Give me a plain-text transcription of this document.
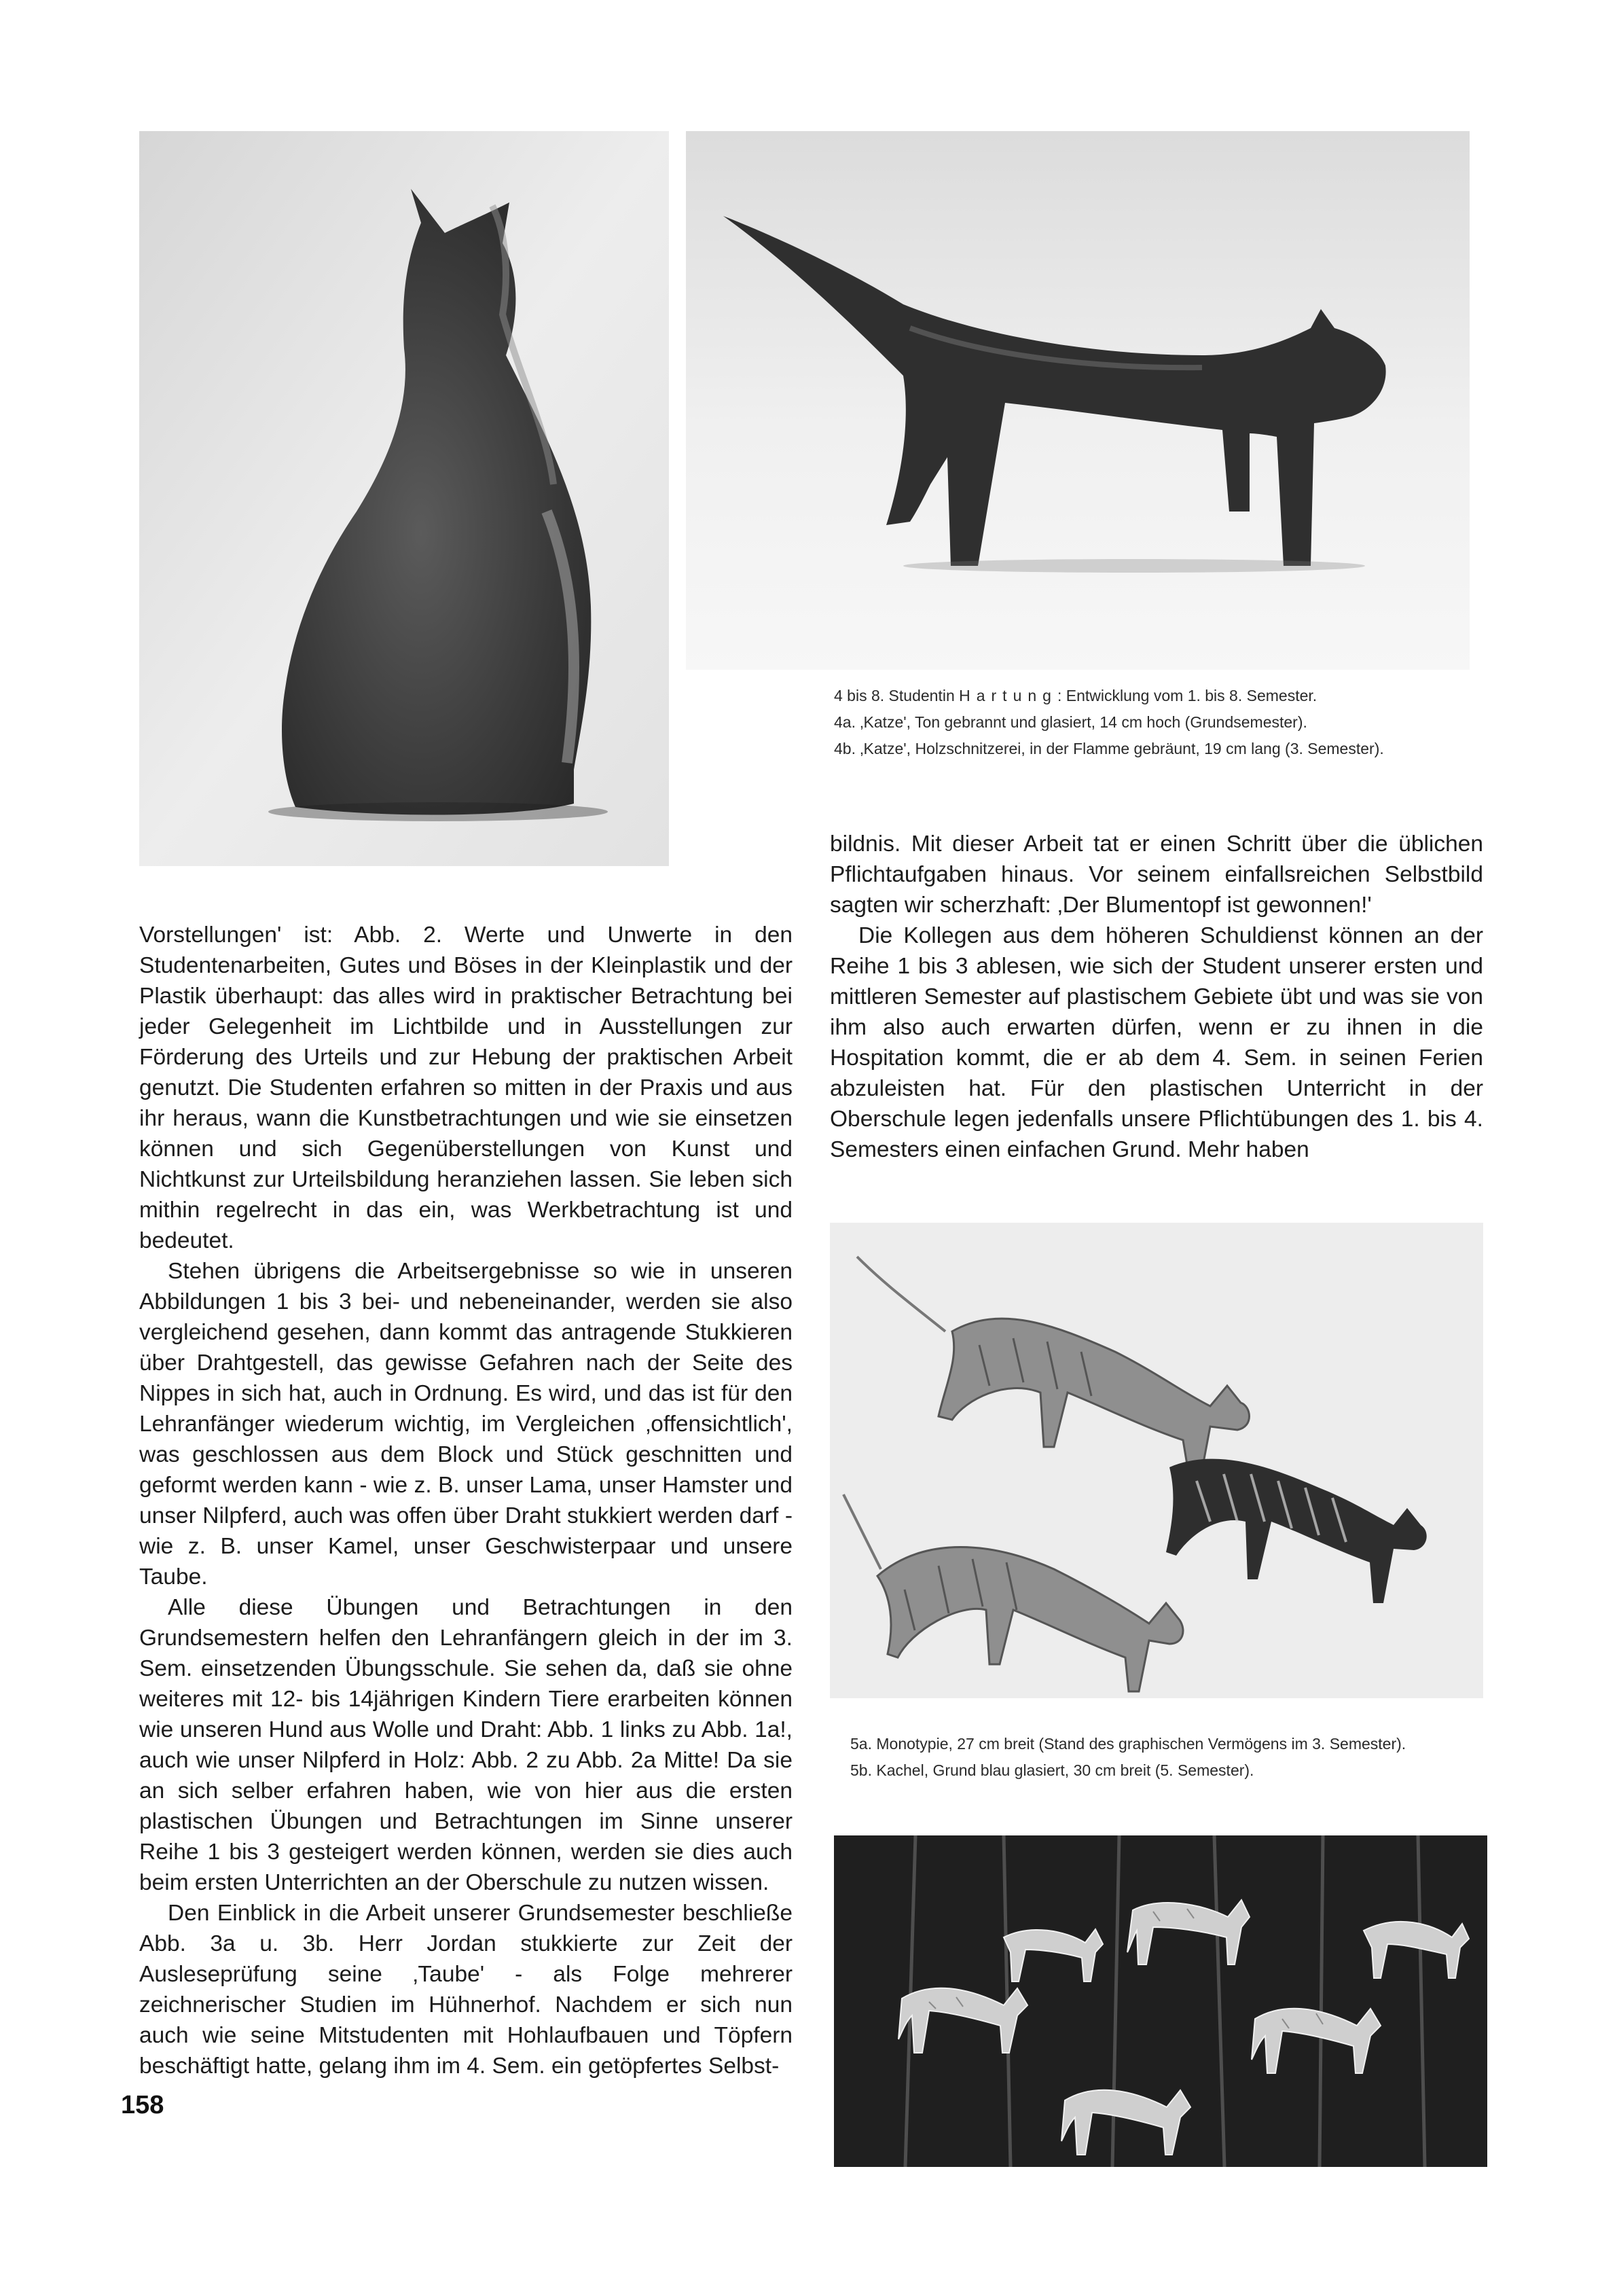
4 bis 8. Studentin Hartung: Entwicklung vom 1. bis 8. Semester.

4a. ‚Katze', Ton gebrannt und glasiert, 14 cm hoch (Grundsemester).

4b. ‚Katze', Holzschnitzerei, in der Flamme gebräunt, 19 cm lang (3. Semester).

Vorstellungen' ist: Abb. 2. Werte und Unwerte in den Studentenarbeiten, Gutes und Böses in der Kleinplastik und der Plastik überhaupt: das alles wird in praktischer Betrachtung bei jeder Gelegenheit im Lichtbilde und in Ausstellungen zur Förderung des Urteils und zur Hebung der praktischen Arbeit genutzt. Die Studenten erfahren so mitten in der Praxis und aus ihr heraus, wann die Kunstbetrachtungen und wie sie einsetzen können und sich Gegenüberstellungen von Kunst und Nichtkunst zur Urteilsbildung heranziehen lassen. Sie leben sich mithin regelrecht in das ein, was Werkbetrachtung ist und bedeutet.

Stehen übrigens die Arbeitsergebnisse so wie in unseren Abbildungen 1 bis 3 bei- und nebeneinander, werden sie also vergleichend gesehen, dann kommt das antragende Stukkieren über Drahtgestell, das gewisse Gefahren nach der Seite des Nippes in sich hat, auch in Ordnung. Es wird, und das ist für den Lehranfänger wiederum wichtig, im Vergleichen ‚offensichtlich', was geschlossen aus dem Block und Stück geschnitten und geformt werden kann - wie z. B. unser Lama, unser Hamster und unser Nilpferd, auch was offen über Draht stukkiert werden darf - wie z. B. unser Kamel, unser Geschwisterpaar und unsere Taube.

Alle diese Übungen und Betrachtungen in den Grundsemestern helfen den Lehranfängern gleich in der im 3. Sem. einsetzenden Übungsschule. Sie sehen da, daß sie ohne weiteres mit 12- bis 14jährigen Kindern Tiere erarbeiten können wie unseren Hund aus Wolle und Draht: Abb. 1 links zu Abb. 1a!, auch wie unser Nilpferd in Holz: Abb. 2 zu Abb. 2a Mitte! Da sie an sich selber erfahren haben, wie von hier aus die ersten plastischen Übungen und Betrachtungen im Sinne unserer Reihe 1 bis 3 gesteigert werden können, werden sie dies auch beim ersten Unterrichten an der Oberschule zu nutzen wissen.

Den Einblick in die Arbeit unserer Grundsemester beschließe Abb. 3a u. 3b. Herr Jordan stukkierte zur Zeit der Ausleseprüfung seine ‚Taube' - als Folge mehrerer zeichnerischer Studien im Hühnerhof. Nachdem er sich nun auch wie seine Mitstudenten mit Hohlaufbauen und Töpfern beschäftigt hatte, gelang ihm im 4. Sem. ein getöpfertes Selbst-

bildnis. Mit dieser Arbeit tat er einen Schritt über die üblichen Pflichtaufgaben hinaus. Vor seinem einfallsreichen Selbstbild sagten wir scherzhaft: ‚Der Blumentopf ist gewonnen!'

Die Kollegen aus dem höheren Schuldienst können an der Reihe 1 bis 3 ablesen, wie sich der Student unserer ersten und mittleren Semester auf plastischem Gebiete übt und was sie von ihm also auch erwarten dürfen, wenn er zu ihnen in die Hospitation kommt, die er ab dem 4. Sem. in seinen Ferien abzuleisten hat. Für den plastischen Unterricht in der Oberschule legen jedenfalls unsere Pflichtübungen des 1. bis 4. Semesters einen einfachen Grund. Mehr haben

5a. Monotypie, 27 cm breit (Stand des graphischen Vermögens im 3. Semester).

5b. Kachel, Grund blau glasiert, 30 cm breit (5. Semester).

158
